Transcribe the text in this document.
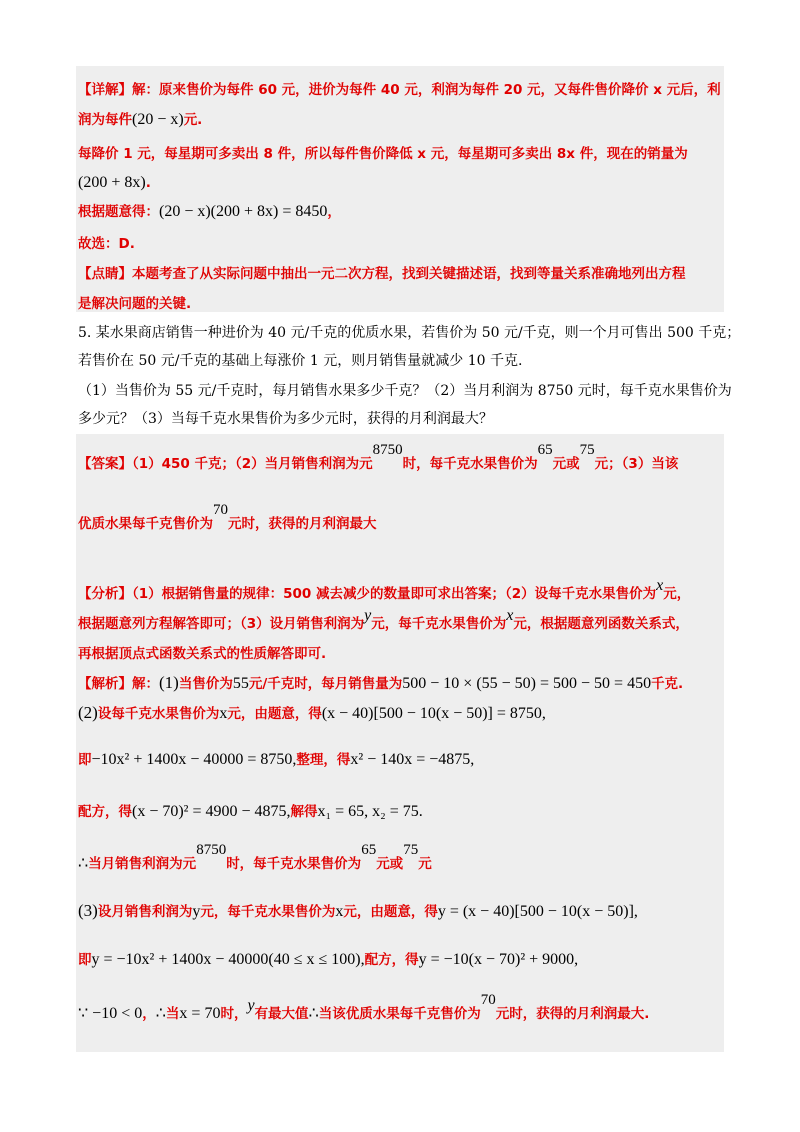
【详解】解：原来售价为每件 60 元，进价为每件 40 元，利润为每件 20 元，又每件售价降价 x 元后，利
润为每件(20 − x)元.
每降价 1 元，每星期可多卖出 8 件，所以每件售价降低 x 元，每星期可多卖出 8x 件，现在的销量为
(200 + 8x).
根据题意得：(20 − x)(200 + 8x) = 8450，
故选：D.
【点睛】本题考查了从实际问题中抽出一元二次方程，找到关键描述语，找到等量关系准确地列出方程
是解决问题的关键.
5. 某水果商店销售一种进价为 40 元/千克的优质水果，若售价为 50 元/千克，则一个月可售出 500 千克；
若售价在 50 元/千克的基础上每涨价 1 元，则月销售量就减少 10 千克.
（1）当售价为 55 元/千克时，每月销售水果多少千克？（2）当月利润为 8750 元时，每千克水果售价为
多少元？（3）当每千克水果售价为多少元时，获得的月利润最大？
【答案】（1）450 千克；（2）当月销售利润为元8750时，每千克水果售价为65元或75元；（3）当该
优质水果每千克售价为70元时，获得的月利润最大
【分析】（1）根据销售量的规律：500 减去减少的数量即可求出答案；（2）设每千克水果售价为x元，
根据题意列方程解答即可；（3）设月销售利润为y元，每千克水果售价为x元，根据题意列函数关系式，
再根据顶点式函数关系式的性质解答即可.
【解析】解：(1)当售价为55元/千克时，每月销售量为500 − 10 × (55 − 50) = 500 − 50 = 450千克.
(2)设每千克水果售价为x元，由题意，得(x − 40)[500 − 10(x − 50)] = 8750,
即−10x² + 1400x − 40000 = 8750,整理，得x² − 140x = −4875,
配方，得(x − 70)² = 4900 − 4875,解得x₁ = 65, x₂ = 75.
∴当月销售利润为元8750时，每千克水果售价为65元或75元
(3)设月销售利润为y元，每千克水果售价为x元，由题意，得y = (x − 40)[500 − 10(x − 50)],
即y = −10x² + 1400x − 40000(40 ≤ x ≤ 100),配方，得y = −10(x − 70)² + 9000,
∵ −10 < 0，∴当x = 70时，y有最大值∴当该优质水果每千克售价为70元时，获得的月利润最大.
